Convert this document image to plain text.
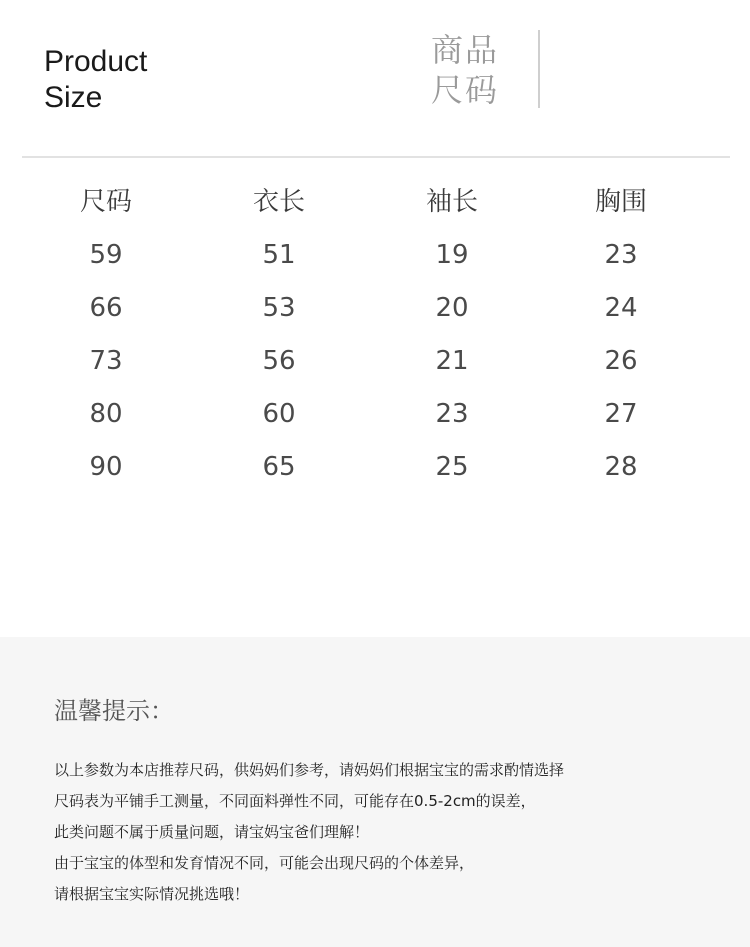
Product
Size
商品
尺码
尺码	衣长	袖长	胸围
59	51	19	23
66	53	20	24
73	56	21	26
80	60	23	27
90	65	25	28
温馨提示：
以上参数为本店推荐尺码，供妈妈们参考，请妈妈们根据宝宝的需求酌情选择
尺码表为平铺手工测量，不同面料弹性不同，可能存在0.5-2cm的误差，
此类问题不属于质量问题，请宝妈宝爸们理解！
由于宝宝的体型和发育情况不同，可能会出现尺码的个体差异，
请根据宝宝实际情况挑选哦！
